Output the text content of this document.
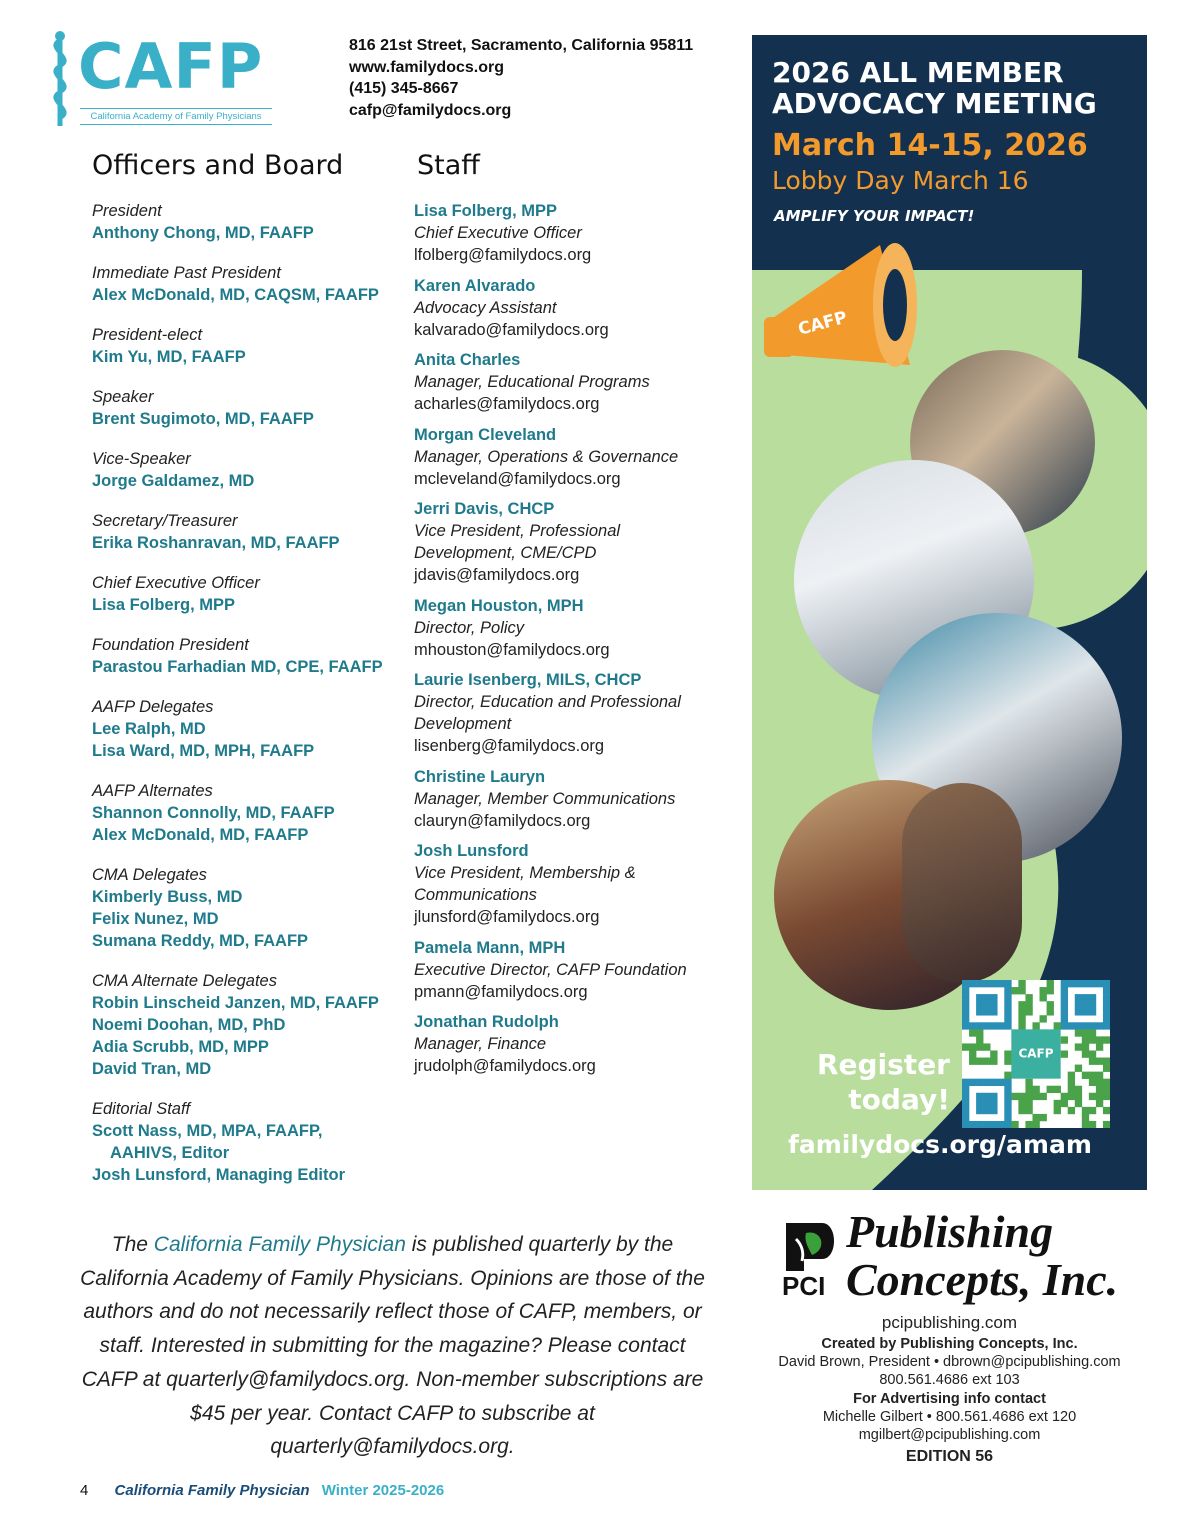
CAFP
California Academy of Family Physicians
816 21st Street, Sacramento, California 95811
www.familydocs.org
(415) 345-8667
cafp@familydocs.org
Officers and Board	Staff
President
Anthony Chong, MD, FAAFP
Immediate Past President
Alex McDonald, MD, CAQSM, FAAFP
President-elect
Kim Yu, MD, FAAFP
Speaker
Brent Sugimoto, MD, FAAFP
Vice-Speaker
Jorge Galdamez, MD
Secretary/Treasurer
Erika Roshanravan, MD, FAAFP
Chief Executive Officer
Lisa Folberg, MPP
Foundation President
Parastou Farhadian MD, CPE, FAAFP
AAFP Delegates
Lee Ralph, MD
Lisa Ward, MD, MPH, FAAFP
AAFP Alternates
Shannon Connolly, MD, FAAFP
Alex McDonald, MD, FAAFP
CMA Delegates
Kimberly Buss, MD
Felix Nunez, MD
Sumana Reddy, MD, FAAFP
CMA Alternate Delegates
Robin Linscheid Janzen, MD, FAAFP
Noemi Doohan, MD, PhD
Adia Scrubb, MD, MPP
David Tran, MD
Editorial Staff
Scott Nass, MD, MPA, FAAFP,
AAHIVS, Editor
Josh Lunsford, Managing Editor
Lisa Folberg, MPP
Chief Executive Officer
lfolberg@familydocs.org
Karen Alvarado
Advocacy Assistant
kalvarado@familydocs.org
Anita Charles
Manager, Educational Programs
acharles@familydocs.org
Morgan Cleveland
Manager, Operations & Governance
mcleveland@familydocs.org
Jerri Davis, CHCP
Vice President, Professional
Development, CME/CPD
jdavis@familydocs.org
Megan Houston, MPH
Director, Policy
mhouston@familydocs.org
Laurie Isenberg, MILS, CHCP
Director, Education and Professional
Development
lisenberg@familydocs.org
Christine Lauryn
Manager, Member Communications
clauryn@familydocs.org
Josh Lunsford
Vice President, Membership &
Communications
jlunsford@familydocs.org
Pamela Mann, MPH
Executive Director, CAFP Foundation
pmann@familydocs.org
Jonathan Rudolph
Manager, Finance
jrudolph@familydocs.org
2026 ALL MEMBER
ADVOCACY MEETING
March 14-15, 2026
Lobby Day March 16
AMPLIFY YOUR IMPACT!
CAFP
CAFP
Register
today!
familydocs.org/amam
The California Family Physician is published quarterly by the California Academy of Family Physicians. Opinions are those of the authors and do not necessarily reflect those of CAFP, members, or staff. Interested in submitting for the magazine? Please contact CAFP at quarterly@familydocs.org. Non-member subscriptions are $45 per year. Contact CAFP to subscribe at quarterly@familydocs.org.
Publishing
Concepts, Inc.
PCI
pcipublishing.com
Created by Publishing Concepts, Inc.
David Brown, President • dbrown@pcipublishing.com
800.561.4686 ext 103
For Advertising info contact
Michelle Gilbert • 800.561.4686 ext 120
mgilbert@pcipublishing.com
EDITION 56
4 California Family Physician Winter 2025-2026
